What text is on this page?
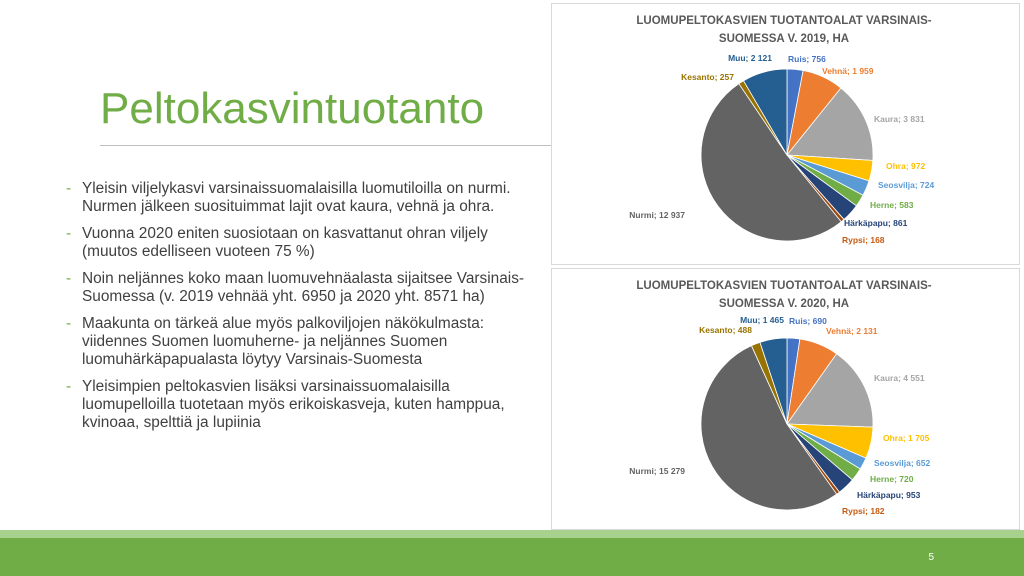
Peltokasvintuotanto
- Yleisin viljelykasvi varsinaissuomalaisilla luomutiloilla on nurmi. Nurmen jälkeen suosituimmat lajit ovat kaura, vehnä ja ohra.
- Vuonna 2020 eniten suosiotaan on kasvattanut ohran viljely (muutos edelliseen vuoteen 75 %)
- Noin neljännes koko maan luomuvehnäalasta sijaitsee Varsinais-Suomessa (v. 2019 vehnää yht. 6950 ja 2020 yht. 8571 ha)
- Maakunta on tärkeä alue myös palkoviljojen näkökulmasta: viidennes Suomen luomuherne- ja neljännes Suomen luomuhärkäpapualasta löytyy Varsinais-Suomesta
- Yleisimpien peltokasvien lisäksi varsinaissuomalaisilla luomupelloilla tuotetaan myös erikoiskasveja, kuten hamppua, kvinoaa, spelttiä ja lupiinia
LUOMUPELTOKASVIEN TUOTANTOALAT VARSINAIS-
SUOMESSA V. 2019, HA
Ruis; 756
Vehnä; 1 959
Kaura; 3 831
Ohra; 972
Seosvilja; 724
Herne; 583
Härkäpapu; 861
Rypsi; 168
Nurmi; 12 937
Kesanto; 257
Muu; 2 121
LUOMUPELTOKASVIEN TUOTANTOALAT VARSINAIS-
SUOMESSA V. 2020, HA
Ruis; 690
Vehnä; 2 131
Kaura; 4 551
Ohra; 1 705
Seosvilja; 652
Herne; 720
Härkäpapu; 953
Rypsi; 182
Nurmi; 15 279
Kesanto; 488
Muu; 1 465
5
